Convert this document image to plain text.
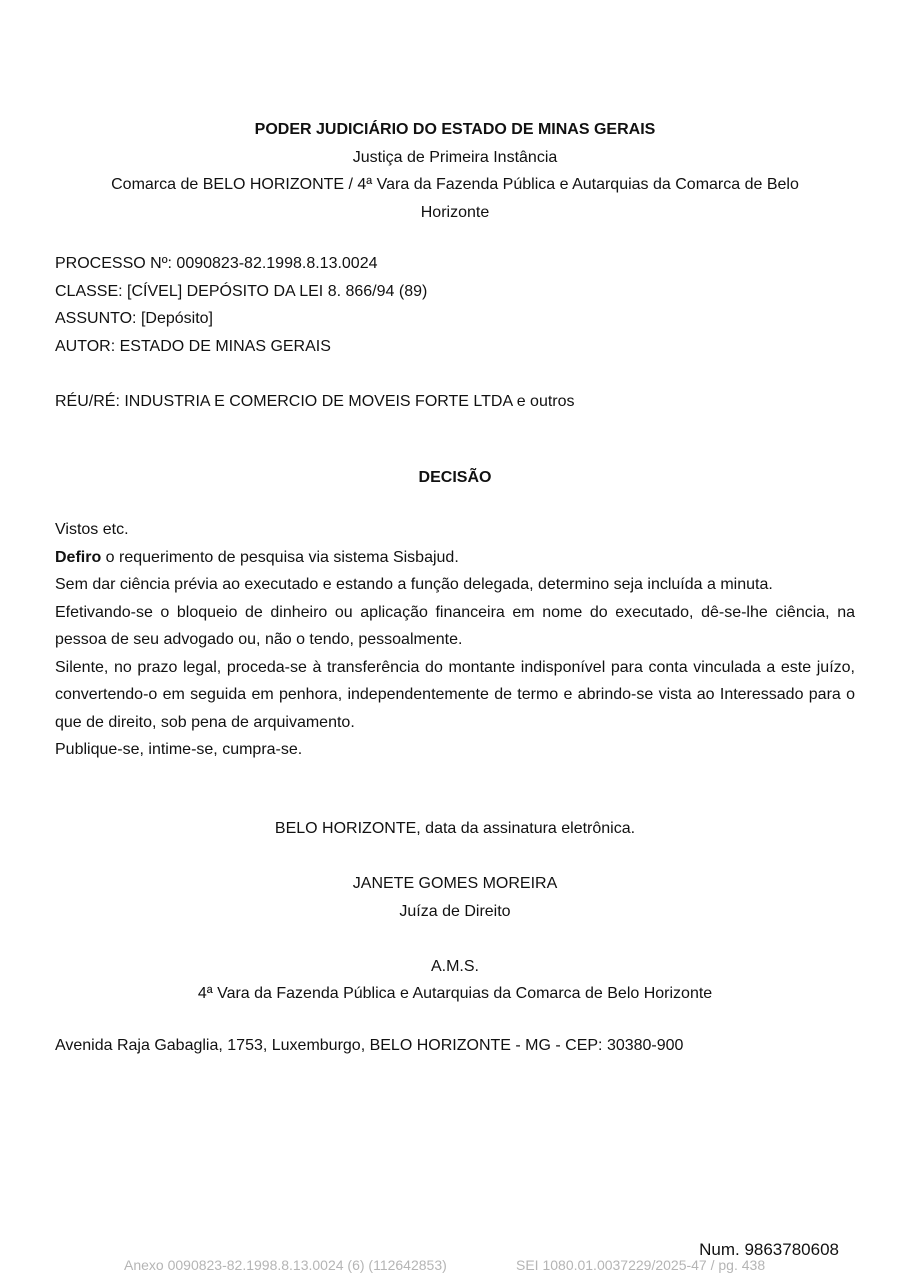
PODER JUDICIÁRIO DO ESTADO DE MINAS GERAIS
Justiça de Primeira Instância
Comarca de BELO HORIZONTE / 4ª Vara da Fazenda Pública e Autarquias da Comarca de Belo
Horizonte
PROCESSO Nº: 0090823-82.1998.8.13.0024
CLASSE: [CÍVEL] DEPÓSITO DA LEI 8. 866/94 (89)
ASSUNTO: [Depósito]
AUTOR: ESTADO DE MINAS GERAIS
RÉU/RÉ: INDUSTRIA E COMERCIO DE MOVEIS FORTE LTDA e outros
DECISÃO

Vistos etc.

Defiro o requerimento de pesquisa via sistema Sisbajud.

Sem dar ciência prévia ao executado e estando a função delegada, determino seja incluída a minuta.

Efetivando-se o bloqueio de dinheiro ou aplicação financeira em nome do executado, dê-se-lhe ciência, na pessoa de seu advogado ou, não o tendo, pessoalmente.

Silente, no prazo legal, proceda-se à transferência do montante indisponível para conta vinculada a este juízo, convertendo-o em seguida em penhora, independentemente de termo e abrindo-se vista ao Interessado para o que de direito, sob pena de arquivamento.

Publique-se, intime-se, cumpra-se.

BELO HORIZONTE, data da assinatura eletrônica.
JANETE GOMES MOREIRA
Juíza de Direito
A.M.S.
4ª Vara da Fazenda Pública e Autarquias da Comarca de Belo Horizonte
Avenida Raja Gabaglia, 1753, Luxemburgo, BELO HORIZONTE - MG - CEP: 30380-900
Num. 9863780608
Anexo 0090823-82.1998.8.13.0024 (6) (112642853)	SEI 1080.01.0037229/2025-47 / pg. 438
